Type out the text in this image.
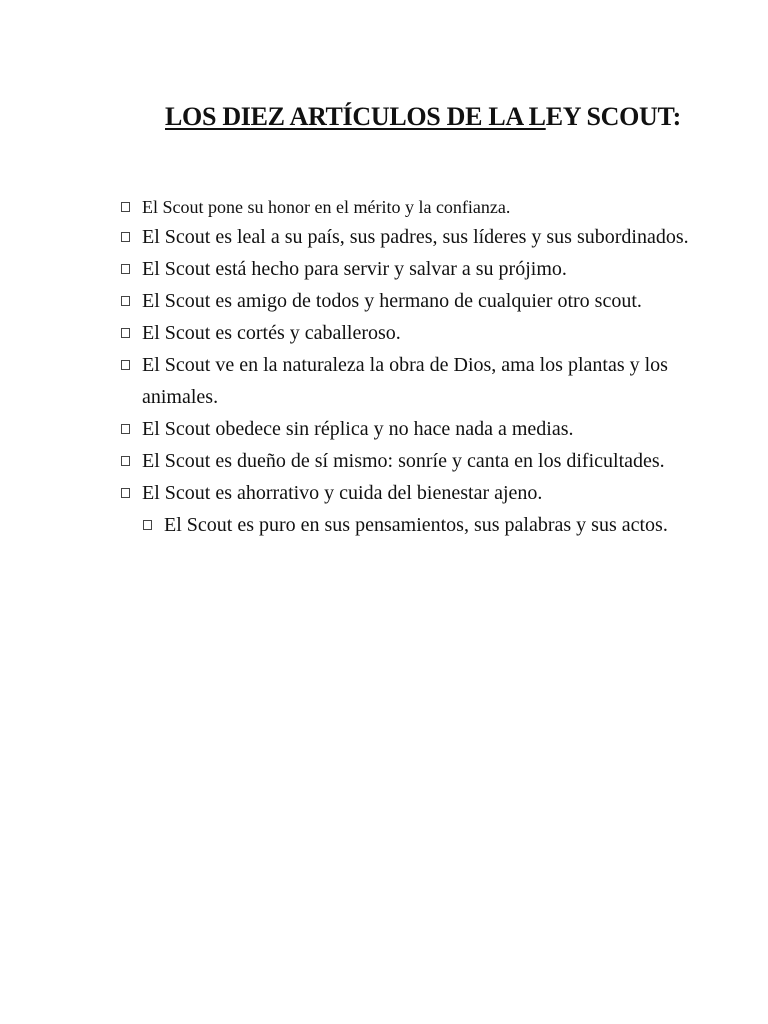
LOS DIEZ ARTÍCULOS DE LA LEY SCOUT:
El Scout pone su honor en el mérito y la confianza.
El Scout es leal a su país, sus padres, sus líderes y sus subordinados.
El Scout está hecho para servir y salvar a su prójimo.
El Scout es amigo de todos y hermano de cualquier otro scout.
El Scout es cortés y caballeroso.
El Scout ve en la naturaleza la obra de Dios, ama los plantas y los animales.
El Scout obedece sin réplica y no hace nada a medias.
El Scout es dueño de sí mismo: sonríe y canta en los dificultades.
El Scout es ahorrativo y cuida del bienestar ajeno.
El Scout es puro en sus pensamientos, sus palabras y sus actos.
